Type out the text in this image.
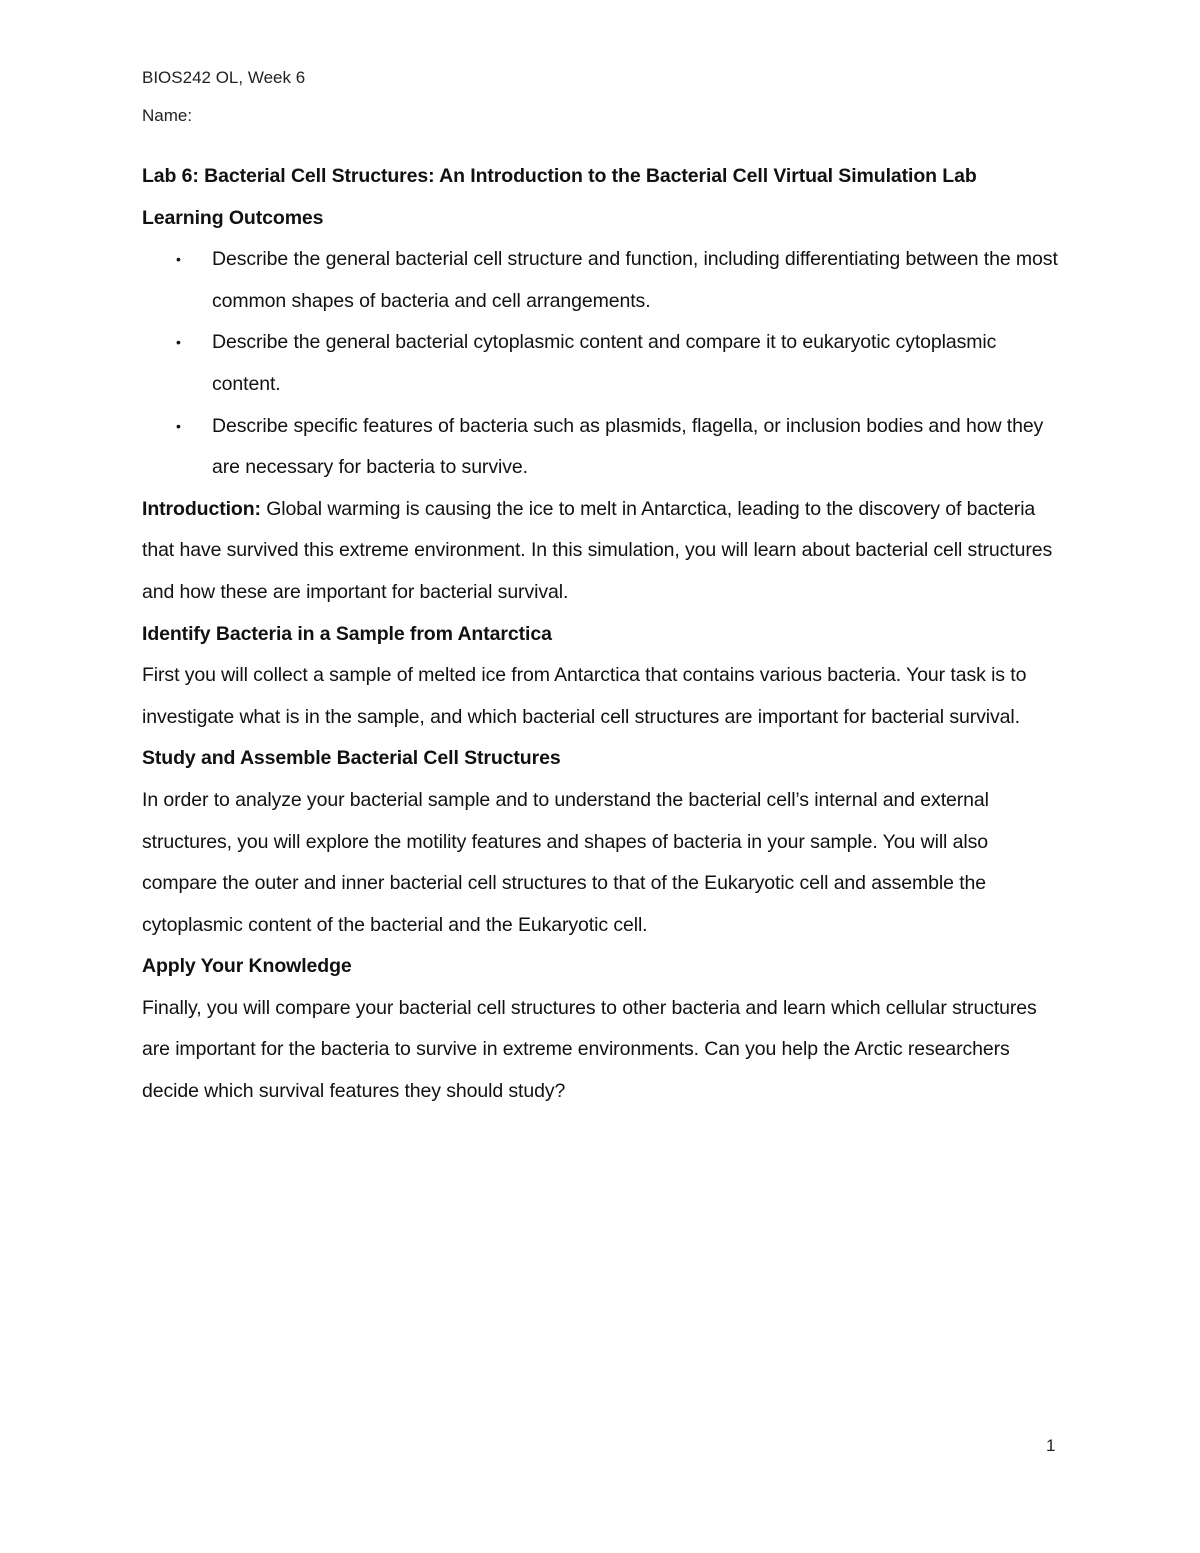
BIOS242 OL, Week 6

Name:

Lab 6: Bacterial Cell Structures: An Introduction to the Bacterial Cell Virtual Simulation Lab
Learning Outcomes
• Describe the general bacterial cell structure and function, including differentiating between the most common shapes of bacteria and cell arrangements.
• Describe the general bacterial cytoplasmic content and compare it to eukaryotic cytoplasmic content.
• Describe specific features of bacteria such as plasmids, flagella, or inclusion bodies and how they are necessary for bacteria to survive.

Introduction: Global warming is causing the ice to melt in Antarctica, leading to the discovery of bacteria that have survived this extreme environment. In this simulation, you will learn about bacterial cell structures and how these are important for bacterial survival.

Identify Bacteria in a Sample from Antarctica

First you will collect a sample of melted ice from Antarctica that contains various bacteria. Your task is to investigate what is in the sample, and which bacterial cell structures are important for bacterial survival.

Study and Assemble Bacterial Cell Structures

In order to analyze your bacterial sample and to understand the bacterial cell’s internal and external structures, you will explore the motility features and shapes of bacteria in your sample. You will also compare the outer and inner bacterial cell structures to that of the Eukaryotic cell and assemble the cytoplasmic content of the bacterial and the Eukaryotic cell.

Apply Your Knowledge

Finally, you will compare your bacterial cell structures to other bacteria and learn which cellular structures are important for the bacteria to survive in extreme environments. Can you help the Arctic researchers decide which survival features they should study?

1
